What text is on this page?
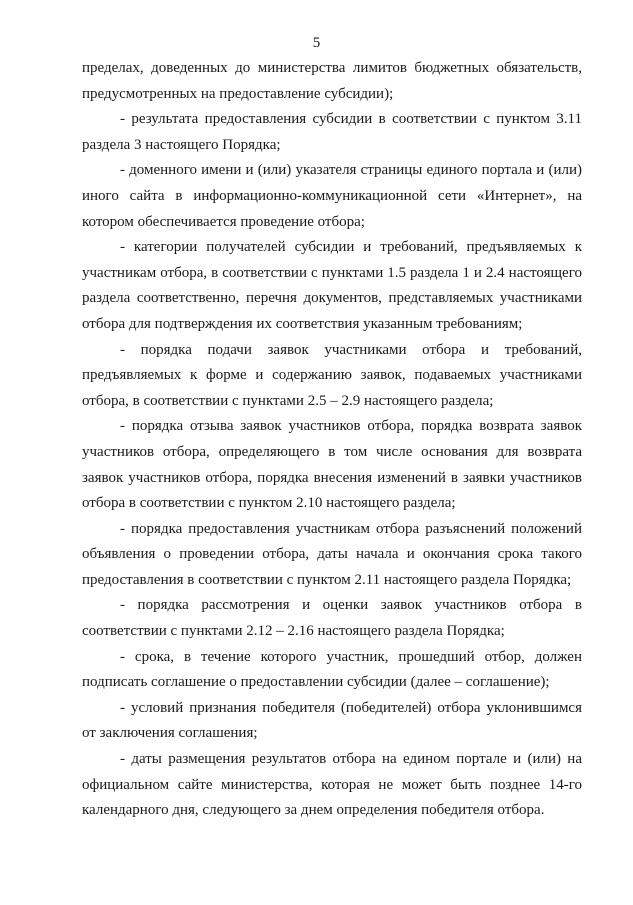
5
пределах, доведенных до министерства лимитов бюджетных обязательств,
предусмотренных на предоставление субсидии);
- результата предоставления субсидии в соответствии с пунктом 3.11
раздела 3 настоящего Порядка;
- доменного имени и (или) указателя страницы единого портала и (или)
иного сайта в информационно-коммуникационной сети «Интернет», на
котором обеспечивается проведение отбора;
- категории получателей субсидии и требований, предъявляемых к
участникам отбора, в соответствии с пунктами 1.5 раздела 1 и 2.4 настоящего
раздела соответственно, перечня документов, представляемых участниками
отбора для подтверждения их соответствия указанным требованиям;
- порядка подачи заявок участниками отбора и требований,
предъявляемых к форме и содержанию заявок, подаваемых участниками
отбора, в соответствии с пунктами 2.5 – 2.9 настоящего раздела;
- порядка отзыва заявок участников отбора, порядка возврата заявок
участников отбора, определяющего в том числе основания для возврата
заявок участников отбора, порядка внесения изменений в заявки участников
отбора в соответствии с пунктом 2.10 настоящего раздела;
- порядка предоставления участникам отбора разъяснений положений
объявления о проведении отбора, даты начала и окончания срока такого
предоставления в соответствии с пунктом 2.11 настоящего раздела Порядка;
- порядка рассмотрения и оценки заявок участников отбора в
соответствии с пунктами 2.12 – 2.16 настоящего раздела Порядка;
- срока, в течение которого участник, прошедший отбор, должен
подписать соглашение о предоставлении субсидии (далее – соглашение);
- условий признания победителя (победителей) отбора уклонившимся
от заключения соглашения;
- даты размещения результатов отбора на едином портале и (или) на
официальном сайте министерства, которая не может быть позднее 14-го
календарного дня, следующего за днем определения победителя отбора.
